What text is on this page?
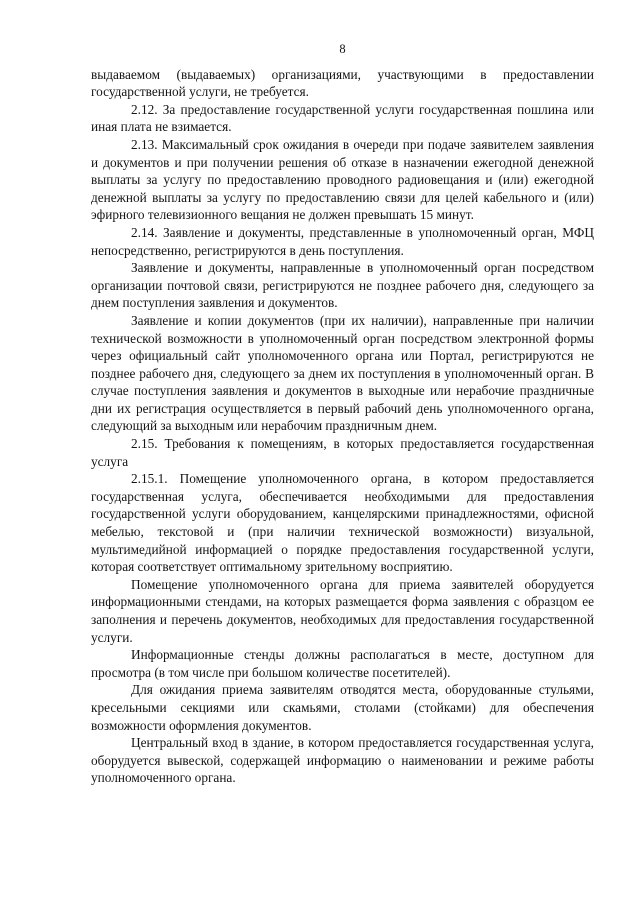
8

выдаваемом (выдаваемых) организациями, участвующими в предоставлении государственной услуги, не требуется.

2.12. За предоставление государственной услуги государственная пошлина или иная плата не взимается.

2.13. Максимальный срок ожидания в очереди при подаче заявителем заявления и документов и при получении решения об отказе в назначении ежегодной денежной выплаты за услугу по предоставлению проводного радиовещания и (или) ежегодной денежной выплаты за услугу по предоставлению связи для целей кабельного и (или) эфирного телевизионного вещания не должен превышать 15 минут.

2.14. Заявление и документы, представленные в уполномоченный орган, МФЦ непосредственно, регистрируются в день поступления.

Заявление и документы, направленные в уполномоченный орган посредством организации почтовой связи, регистрируются не позднее рабочего дня, следующего за днем поступления заявления и документов.

Заявление и копии документов (при их наличии), направленные при наличии технической возможности в уполномоченный орган посредством электронной формы через официальный сайт уполномоченного органа или Портал, регистрируются не позднее рабочего дня, следующего за днем их поступления в уполномоченный орган. В случае поступления заявления и документов в выходные или нерабочие праздничные дни их регистрация осуществляется в первый рабочий день уполномоченного органа, следующий за выходным или нерабочим праздничным днем.

2.15. Требования к помещениям, в которых предоставляется государственная услуга

2.15.1. Помещение уполномоченного органа, в котором предоставляется государственная услуга, обеспечивается необходимыми для предоставления государственной услуги оборудованием, канцелярскими принадлежностями, офисной мебелью, текстовой и (при наличии технической возможности) визуальной, мультимедийной информацией о порядке предоставления государственной услуги, которая соответствует оптимальному зрительному восприятию.

Помещение уполномоченного органа для приема заявителей оборудуется информационными стендами, на которых размещается форма заявления с образцом ее заполнения и перечень документов, необходимых для предоставления государственной услуги.

Информационные стенды должны располагаться в месте, доступном для просмотра (в том числе при большом количестве посетителей).

Для ожидания приема заявителям отводятся места, оборудованные стульями, кресельными секциями или скамьями, столами (стойками) для обеспечения возможности оформления документов.

Центральный вход в здание, в котором предоставляется государственная услуга, оборудуется вывеской, содержащей информацию о наименовании и режиме работы уполномоченного органа.
